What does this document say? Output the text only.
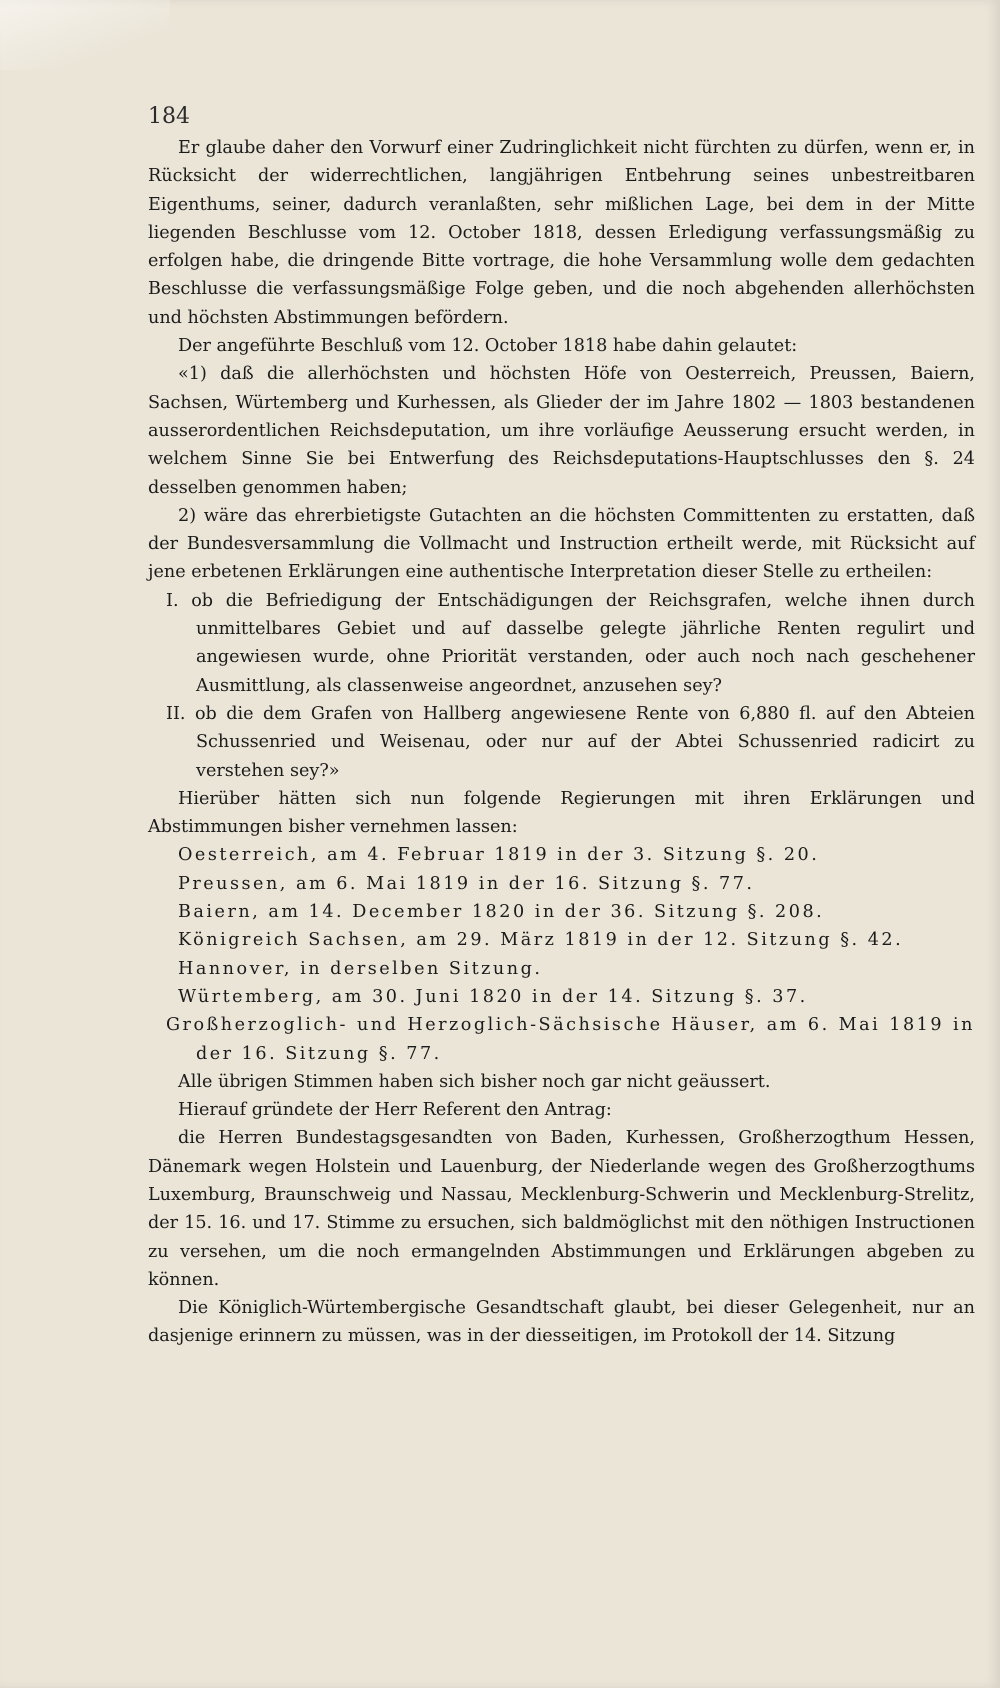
184

Er glaube daher den Vorwurf einer Zudringlichkeit nicht fürchten zu dürfen, wenn er, in Rücksicht der widerrechtlichen, langjährigen Entbehrung seines unbestreitbaren Eigenthums, seiner, dadurch veranlaßten, sehr mißlichen Lage, bei dem in der Mitte liegenden Beschlusse vom 12. October 1818, dessen Erledigung verfassungsmäßig zu erfolgen habe, die dringende Bitte vortrage, die hohe Versammlung wolle dem gedachten Beschlusse die verfassungsmäßige Folge geben, und die noch abgehenden allerhöchsten und höchsten Abstimmungen befördern.

Der angeführte Beschluß vom 12. October 1818 habe dahin gelautet:

«1) daß die allerhöchsten und höchsten Höfe von Oesterreich, Preussen, Baiern, Sachsen, Würtemberg und Kurhessen, als Glieder der im Jahre 1802 — 1803 bestandenen ausserordentlichen Reichsdeputation, um ihre vorläufige Aeusserung ersucht werden, in welchem Sinne Sie bei Entwerfung des Reichsdeputations-Hauptschlusses den §. 24 desselben genommen haben;

2) wäre das ehrerbietigste Gutachten an die höchsten Committenten zu erstatten, daß der Bundesversammlung die Vollmacht und Instruction ertheilt werde, mit Rücksicht auf jene erbetenen Erklärungen eine authentische Interpretation dieser Stelle zu ertheilen:

I. ob die Befriedigung der Entschädigungen der Reichsgrafen, welche ihnen durch unmittelbares Gebiet und auf dasselbe gelegte jährliche Renten regulirt und angewiesen wurde, ohne Priorität verstanden, oder auch noch nach geschehener Ausmittlung, als classenweise angeordnet, anzusehen sey?

II. ob die dem Grafen von Hallberg angewiesene Rente von 6,880 fl. auf den Abteien Schussenried und Weisenau, oder nur auf der Abtei Schussenried radicirt zu verstehen sey?»

Hierüber hätten sich nun folgende Regierungen mit ihren Erklärungen und Abstimmungen bisher vernehmen lassen:

Oesterreich, am 4. Februar 1819 in der 3. Sitzung §. 20.

Preussen, am 6. Mai 1819 in der 16. Sitzung §. 77.

Baiern, am 14. December 1820 in der 36. Sitzung §. 208.

Königreich Sachsen, am 29. März 1819 in der 12. Sitzung §. 42.

Hannover, in derselben Sitzung.

Würtemberg, am 30. Juni 1820 in der 14. Sitzung §. 37.

Großherzoglich- und Herzoglich-Sächsische Häuser, am 6. Mai 1819 in der 16. Sitzung §. 77.

Alle übrigen Stimmen haben sich bisher noch gar nicht geäussert.

Hierauf gründete der Herr Referent den Antrag:

die Herren Bundestagsgesandten von Baden, Kurhessen, Großherzogthum Hessen, Dänemark wegen Holstein und Lauenburg, der Niederlande wegen des Großherzogthums Luxemburg, Braunschweig und Nassau, Mecklenburg-Schwerin und Mecklenburg-Strelitz, der 15. 16. und 17. Stimme zu ersuchen, sich baldmöglichst mit den nöthigen Instructionen zu versehen, um die noch ermangelnden Abstimmungen und Erklärungen abgeben zu können.

Die Königlich-Würtembergische Gesandtschaft glaubt, bei dieser Gelegenheit, nur an dasjenige erinnern zu müssen, was in der diesseitigen, im Protokoll der 14. Sitzung
